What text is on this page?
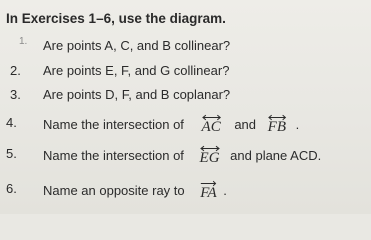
In Exercises 1–6, use the diagram.
1. Are points A, C, and B collinear?
2. Are points E, F, and G collinear?
3. Are points D, F, and B coplanar?
4. Name the intersection of AC and FB .
5. Name the intersection of EG and plane ACD.
6. Name an opposite ray to FA .
